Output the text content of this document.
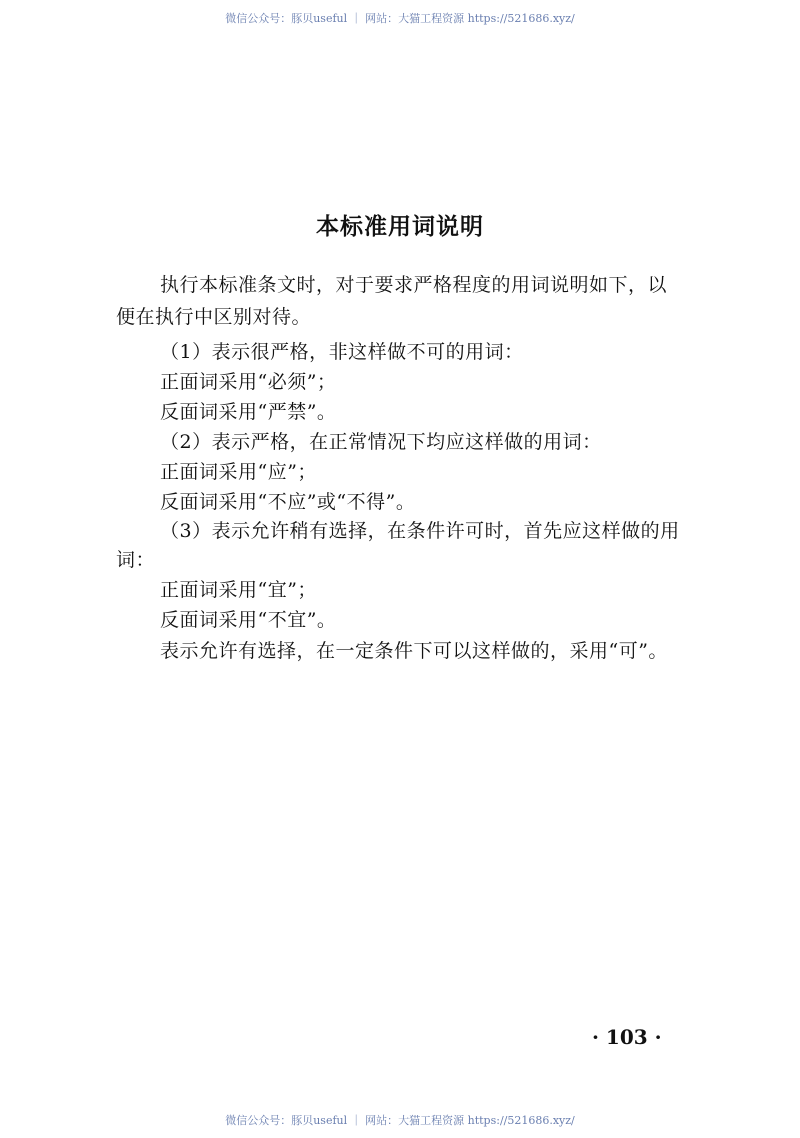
微信公众号：豚贝useful ｜ 网站：大猫工程资源 https://521686.xyz/
本标准用词说明
执行本标准条文时，对于要求严格程度的用词说明如下，以
便在执行中区别对待。
（1）表示很严格，非这样做不可的用词：
正面词采用“必须”；
反面词采用“严禁”。
（2）表示严格，在正常情况下均应这样做的用词：
正面词采用“应”；
反面词采用“不应”或“不得”。
（3）表示允许稍有选择，在条件许可时，首先应这样做的用
词：
正面词采用“宜”；
反面词采用“不宜”。
表示允许有选择，在一定条件下可以这样做的，采用“可”。
· 103 ·
微信公众号：豚贝useful ｜ 网站：大猫工程资源 https://521686.xyz/
